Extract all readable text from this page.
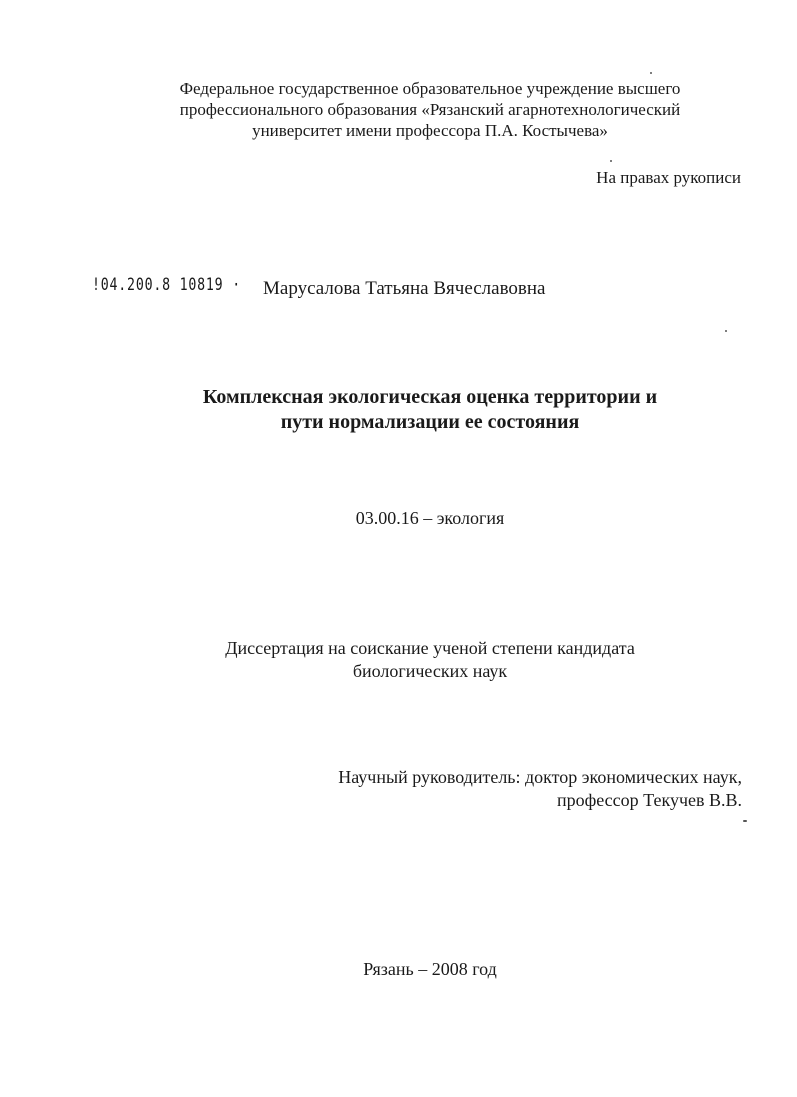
Федеральное государственное образовательное учреждение высшего
профессионального образования «Рязанский агарнотехнологический
университет имени профессора П.А. Костычева»
На правах рукописи
!04.200.8 10819 · Марусалова Татьяна Вячеславовна
Комплексная экологическая оценка территории и
пути нормализации ее состояния
03.00.16 – экология
Диссертация на соискание ученой степени кандидата
биологических наук
Научный руководитель: доктор экономических наук,
профессор Текучев В.В.
Рязань – 2008 год
